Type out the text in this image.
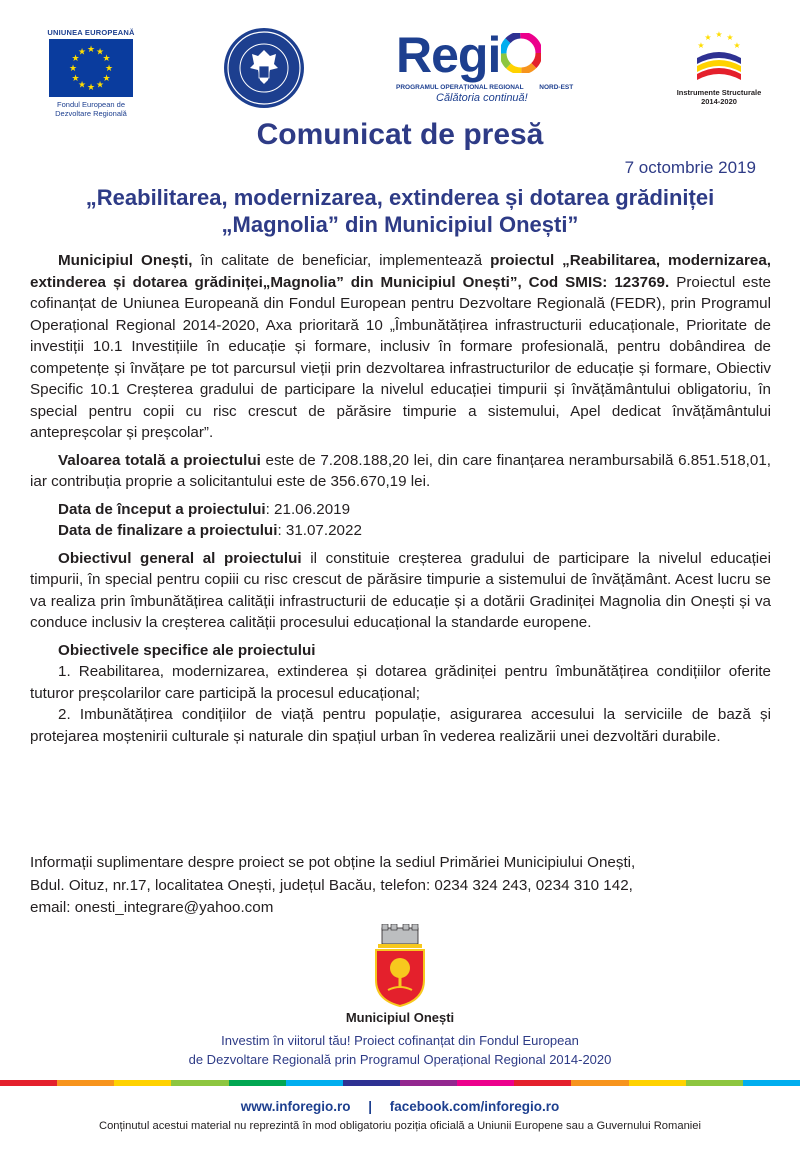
UNIUNEA EUROPEANĂ
★ ★
★
★
★
★
★
★
★
★
★
★
Fondul European de
Dezvoltare Regională
Regi
PROGRAMUL OPERAȚIONAL REGIONAL NORD-EST
Călătoria continuă!
★ ★
★
★
★
Instrumente Structurale
2014-2020
Comunicat de presă
7 octombrie 2019
„Reabilitarea, modernizarea, extinderea și dotarea grădiniței
„Magnolia” din Municipiul Onești”

Municipiul Onești, în calitate de beneficiar, implementează proiectul „Reabilitarea, modernizarea, extinderea și dotarea grădiniței„Magnolia” din Municipiul Onești”, Cod SMIS: 123769. Proiectul este cofinanțat de Uniunea Europeană din Fondul European pentru Dezvoltare Regională (FEDR), prin Programul Operațional Regional 2014-2020, Axa prioritară 10 „Îmbunătățirea infrastructurii educaționale, Prioritate de investiții 10.1 Investițiile în educație și formare, inclusiv în formare profesională, pentru dobândirea de competențe și învățare pe tot parcursul vieții prin dezvoltarea infrastructurilor de educație și formare, Obiectiv Specific 10.1 Creșterea gradului de participare la nivelul educației timpurii și învățământului obligatoriu, în special pentru copii cu risc crescut de părăsire timpurie a sistemului, Apel dedicat învățământului antepreșcolar și preșcolar”.

Valoarea totală a proiectului este de 7.208.188,20 lei, din care finanțarea nerambursabilă 6.851.518,01, iar contribuția proprie a solicitantului este de 356.670,19 lei.

Data de început a proiectului: 21.06.2019

Data de finalizare a proiectului: 31.07.2022

Obiectivul general al proiectului il constituie creșterea gradului de participare la nivelul educației timpurii, în special pentru copiii cu risc crescut de părăsire timpurie a sistemului de învățământ. Acest lucru se va realiza prin îmbunătățirea calității infrastructurii de educație și a dotării Gradiniței Magnolia din Onești și va conduce inclusiv la creșterea calității procesului educațional la standarde europene.

Obiectivele specifice ale proiectului

1. Reabilitarea, modernizarea, extinderea și dotarea grădiniței pentru îmbunătățirea condițiilor oferite tuturor preșcolarilor care participă la procesul educațional;

2. Imbunătățirea condițiilor de viață pentru populație, asigurarea accesului la serviciile de bază și protejarea moștenirii culturale și naturale din spațiul urban în vederea realizării unei dezvoltări durabile.

Informații suplimentare despre proiect se pot obține la sediul Primăriei Municipiului Onești,
Bdul. Oituz, nr.17, localitatea Onești, județul Bacău, telefon: 0234 324 243, 0234 310 142,
email: onesti_integrare@yahoo.com
Municipiul Onești
Investim în viitorul tău! Proiect cofinanțat din Fondul European
de Dezvoltare Regională prin Programul Operațional Regional 2014-2020
www.inforegio.ro | facebook.com/inforegio.ro
Conținutul acestui material nu reprezintă în mod obligatoriu poziția oficială a Uniunii Europene sau a Guvernului Romaniei
